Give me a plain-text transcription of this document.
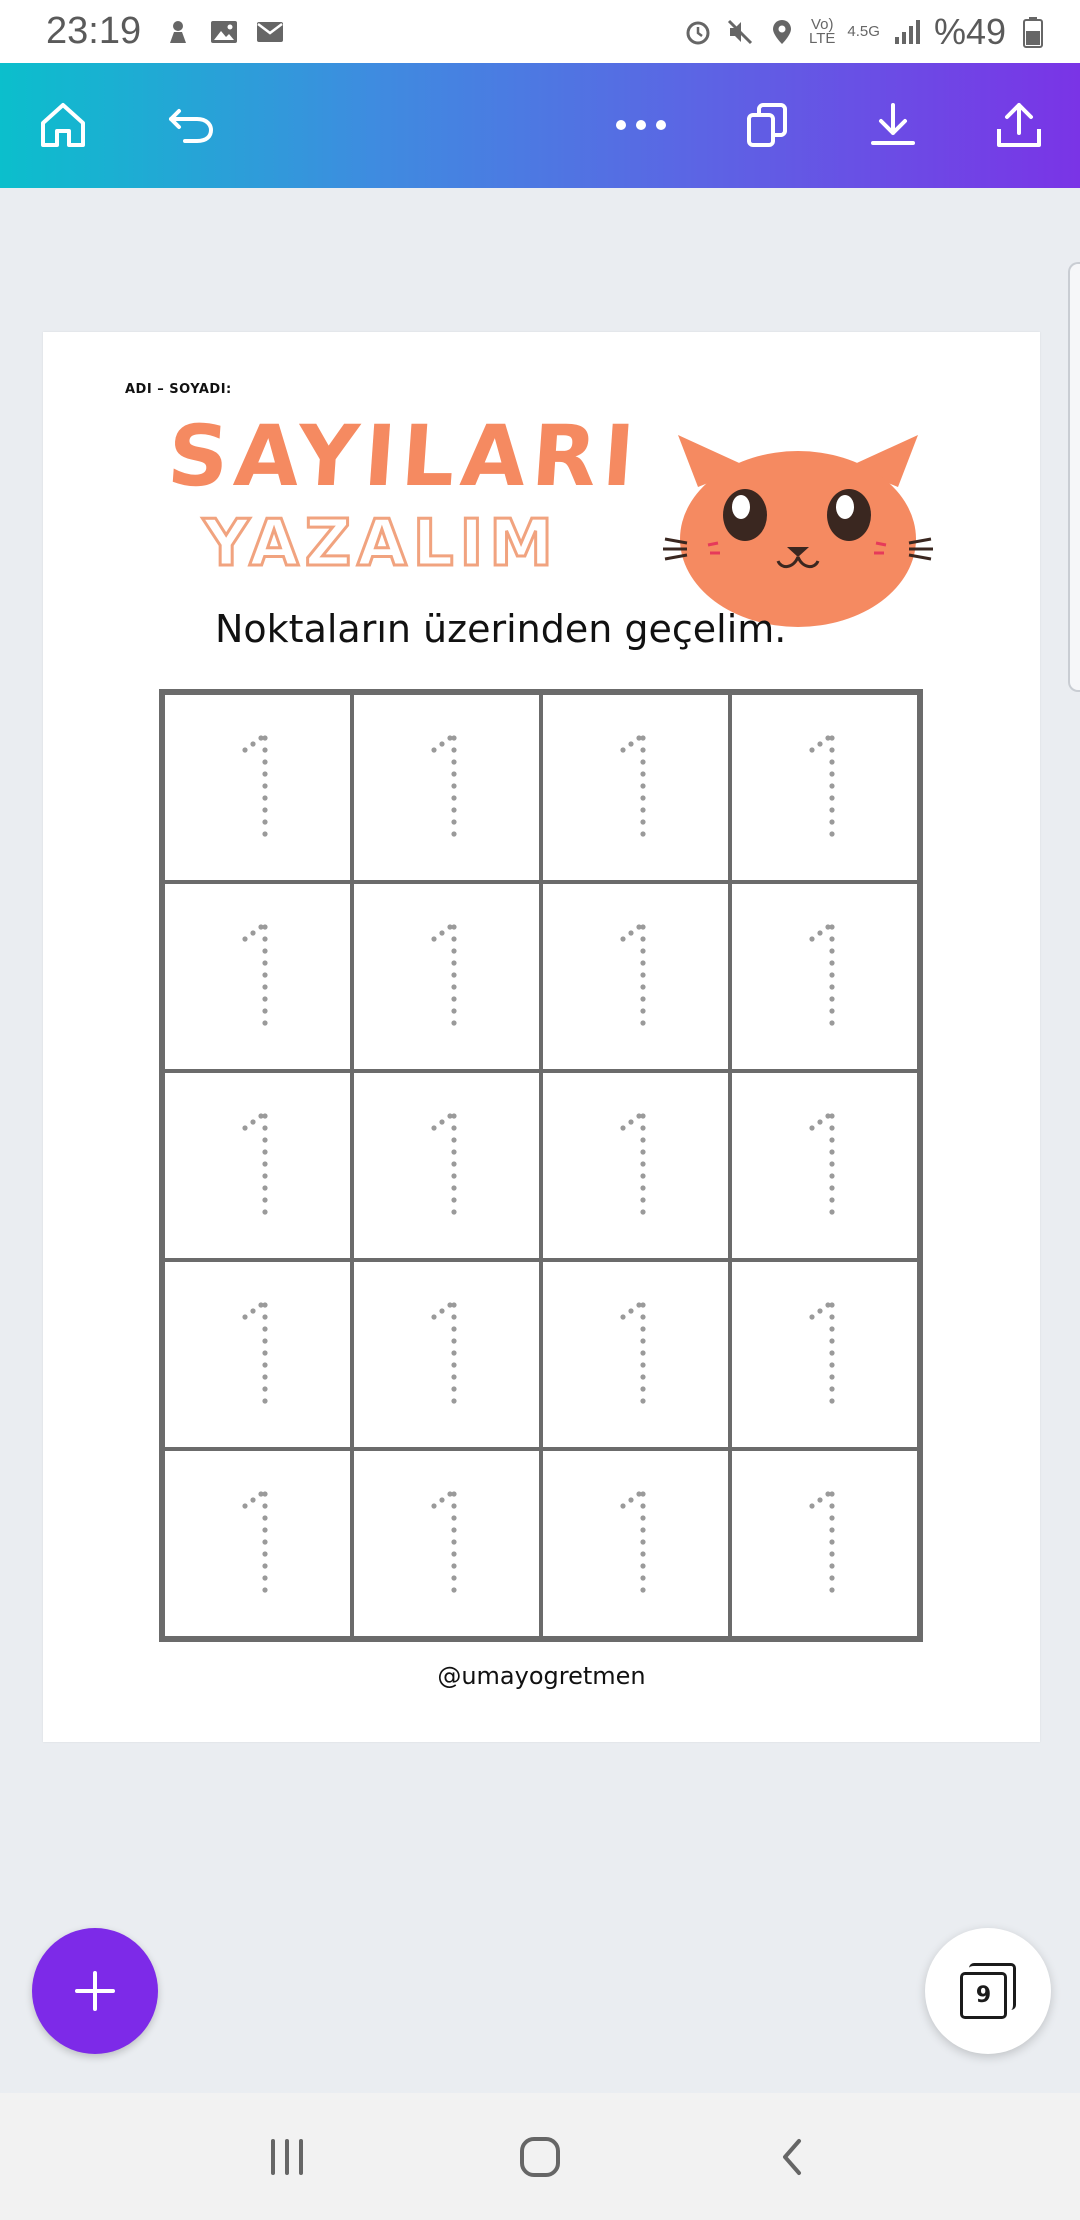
23:19	Vo)
LTE 4.5G %49
ADI – SOYADI:
SAYILARI
YAZALIM
Noktaların üzerinden geçelim.
@umayogretmen
9
